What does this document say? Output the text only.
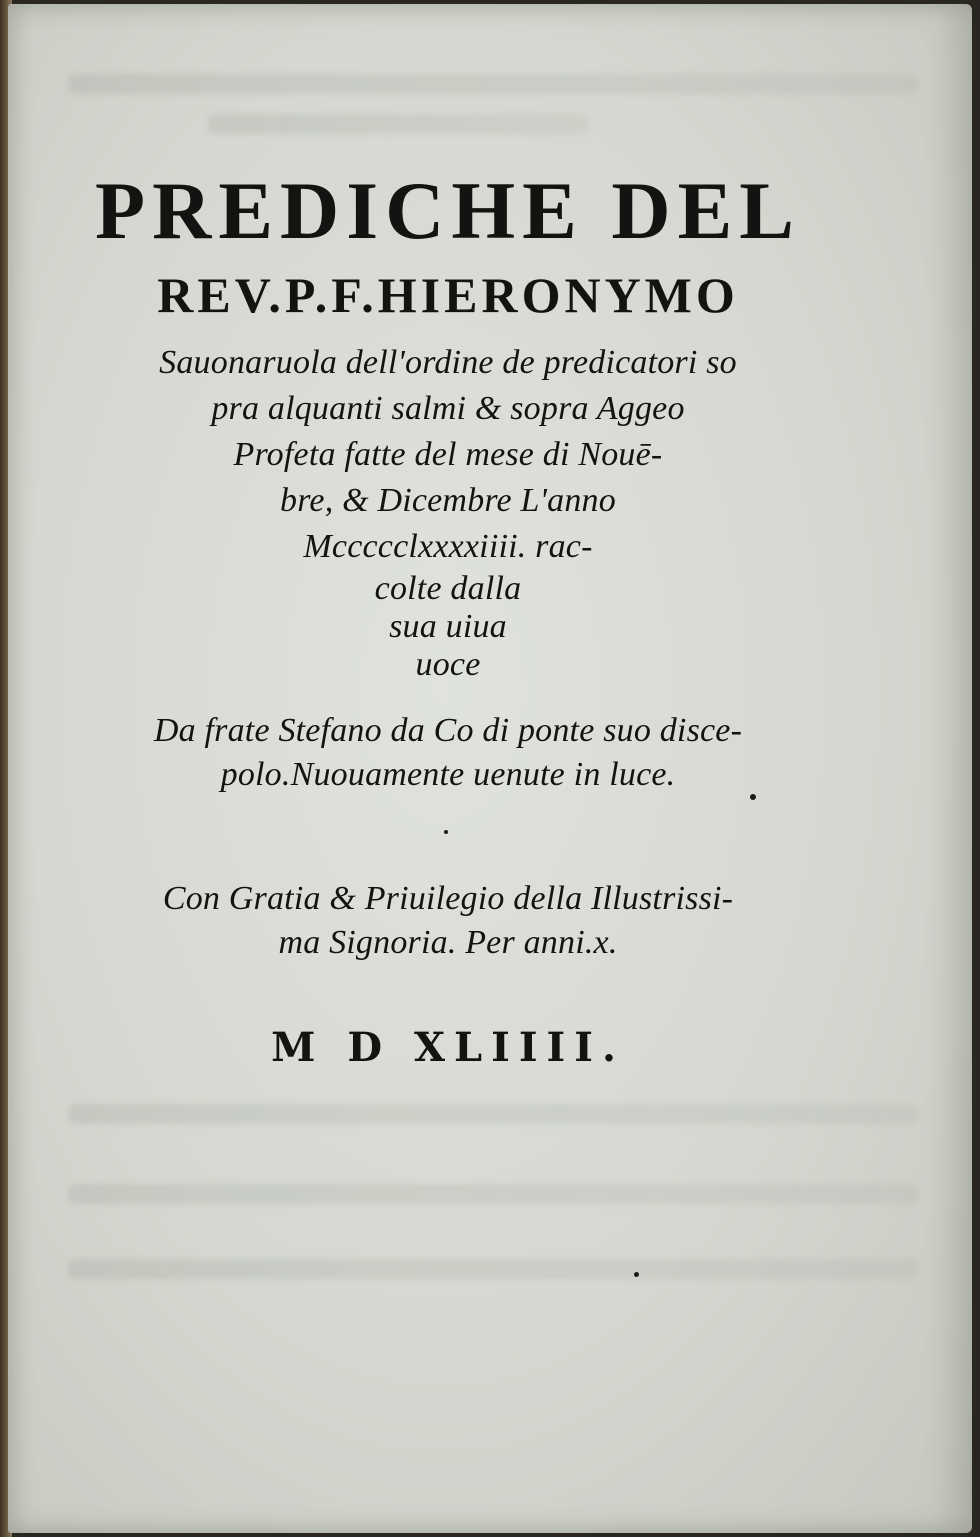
PREDICHE DEL
REV.P.F.HIERONYMO
Sauonaruola dell'ordine de predicatori so
pra alquanti salmi & sopra Aggeo
Profeta fatte del mese di Nouē-
bre, & Dicembre L'anno
Mccccclxxxxiiii. rac-
colte dalla
sua uiua
uoce
Da frate Stefano da Co di ponte suo disce-
polo.Nuouamente uenute in luce.
Con Gratia & Priuilegio della Illustrissi-
ma Signoria. Per anni.x.
M D XLIIII.
